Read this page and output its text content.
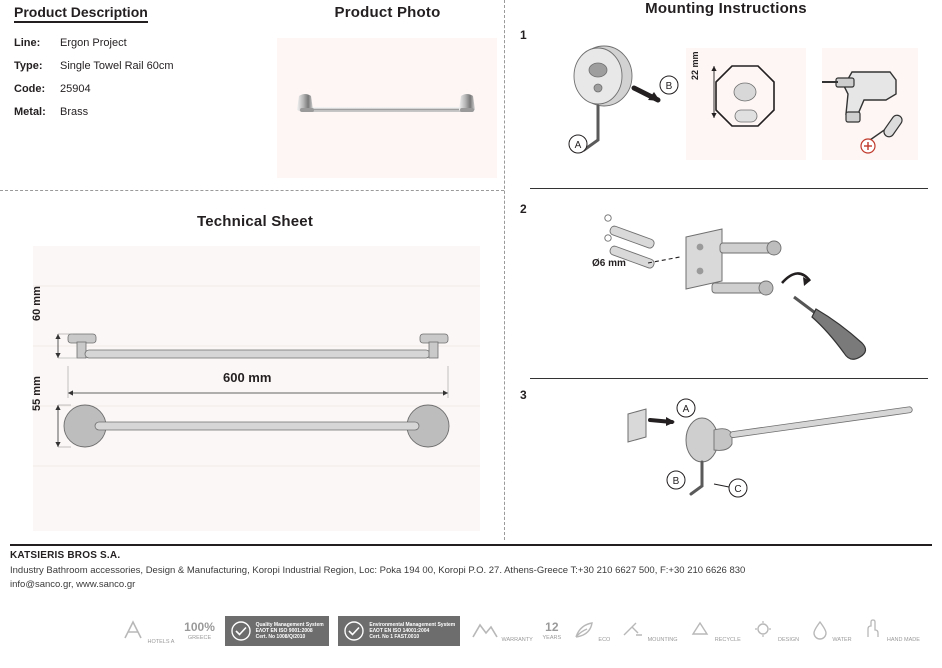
Product Description
Line:	Ergon Project
Type:	Single Towel Rail 60cm
Code:	25904
Metal:	Brass
Product Photo
Technical Sheet
60 mm
55 mm	600 mm
Mounting Instructions
1
A
B
22 mm
2
Ø6 mm
3
A
B
C
KATSIERIS BROS S.A.
Industry Bathroom accessories, Design & Manufacturing, Koropi Industrial Region, Loc: Poka 194 00, Koropi P.O. 27. Athens-Greece T:+30 210 6627 500, F:+30 210 6626 830
info@sanco.gr, www.sanco.gr
HOTELS A
100%
GREECE
Quality Management System
ΕΛΟΤ ΕΝ ISO 9001:2008
Cert. No 1008/Q/2010
Environmental Management System
ΕΛΟΤ ΕΝ ISO 14001:2004
Cert. No 1 FAST.0010	WARRANTY
12
YEARS	ECO	MOUNTING	RECYCLE	DESIGN	WATER	HAND MADE
